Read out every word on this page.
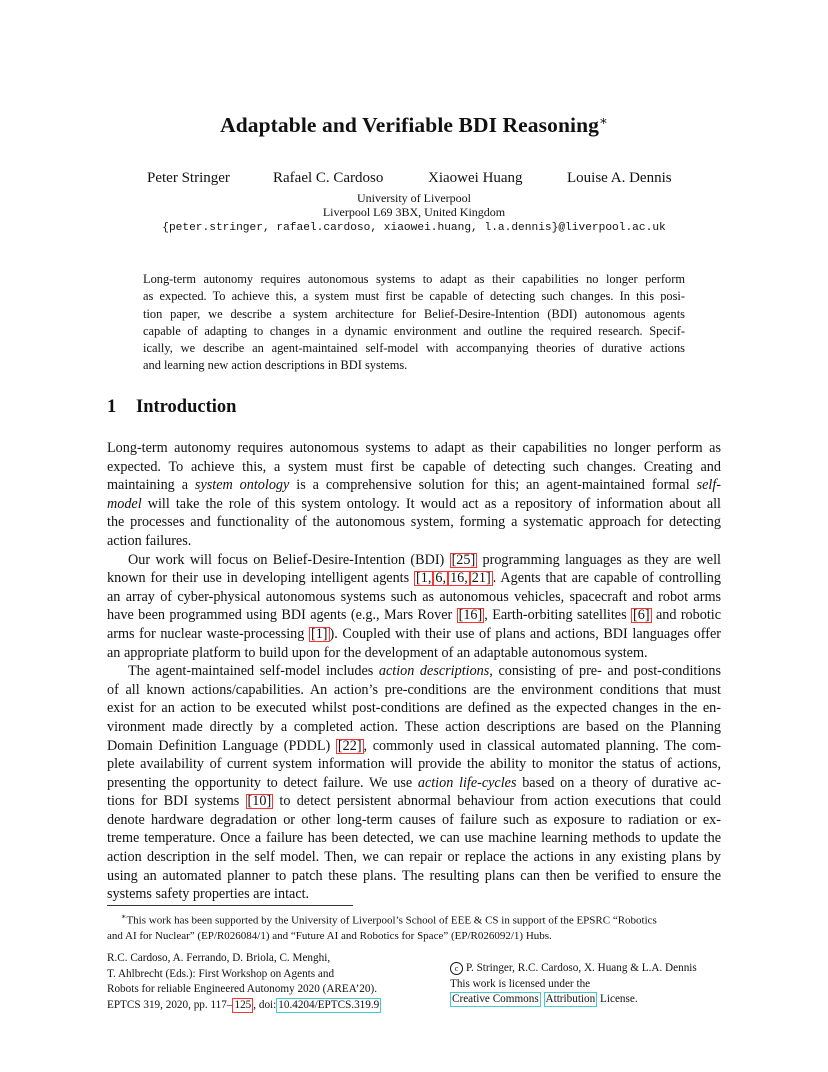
Adaptable and Verifiable BDI Reasoning∗
Peter Stringer	Rafael C. Cardoso	Xiaowei Huang	Louise A. Dennis
University of Liverpool
Liverpool L69 3BX, United Kingdom
{peter.stringer, rafael.cardoso, xiaowei.huang, l.a.dennis}@liverpool.ac.uk
Long-term autonomy requires autonomous systems to adapt as their capabilities no longer perform
as expected. To achieve this, a system must first be capable of detecting such changes. In this posi-
tion paper, we describe a system architecture for Belief-Desire-Intention (BDI) autonomous agents
capable of adapting to changes in a dynamic environment and outline the required research. Specif-
ically, we describe an agent-maintained self-model with accompanying theories of durative actions
and learning new action descriptions in BDI systems.
1 Introduction
Long-term autonomy requires autonomous systems to adapt as their capabilities no longer perform as
expected. To achieve this, a system must first be capable of detecting such changes. Creating and
maintaining a system ontology is a comprehensive solution for this; an agent-maintained formal self-
model will take the role of this system ontology. It would act as a repository of information about all
the processes and functionality of the autonomous system, forming a systematic approach for detecting
action failures.
Our work will focus on Belief-Desire-Intention (BDI) [25] programming languages as they are well
known for their use in developing intelligent agents [1, 6, 16, 21] . Agents that are capable of controlling
an array of cyber-physical autonomous systems such as autonomous vehicles, spacecraft and robot arms
have been programmed using BDI agents (e.g., Mars Rover [16] , Earth-orbiting satellites [6] and robotic
arms for nuclear waste-processing [1] ). Coupled with their use of plans and actions, BDI languages offer
an appropriate platform to build upon for the development of an adaptable autonomous system.
The agent-maintained self-model includes action descriptions, consisting of pre- and post-conditions
of all known actions/capabilities. An action’s pre-conditions are the environment conditions that must
exist for an action to be executed whilst post-conditions are defined as the expected changes in the en-
vironment made directly by a completed action. These action descriptions are based on the Planning
Domain Definition Language (PDDL) [22] , commonly used in classical automated planning. The com-
plete availability of current system information will provide the ability to monitor the status of actions,
presenting the opportunity to detect failure. We use action life-cycles based on a theory of durative ac-
tions for BDI systems [10] to detect persistent abnormal behaviour from action executions that could
denote hardware degradation or other long-term causes of failure such as exposure to radiation or ex-
treme temperature. Once a failure has been detected, we can use machine learning methods to update the
action description in the self model. Then, we can repair or replace the actions in any existing plans by
using an automated planner to patch these plans. The resulting plans can then be verified to ensure the
systems safety properties are intact.
∗This work has been supported by the University of Liverpool’s School of EEE & CS in support of the EPSRC “Robotics
and AI for Nuclear” (EP/R026084/1) and “Future AI and Robotics for Space” (EP/R026092/1) Hubs.
R.C. Cardoso, A. Ferrando, D. Briola, C. Menghi,
T. Ahlbrecht (Eds.): First Workshop on Agents and
Robots for reliable Engineered Autonomy 2020 (AREA’20).
EPTCS 319, 2020, pp. 117– 125 , doi: 10.4204/EPTCS.319.9
c P. Stringer, R.C. Cardoso, X. Huang & L.A. Dennis
This work is licensed under the
Creative Commons Attribution License.
